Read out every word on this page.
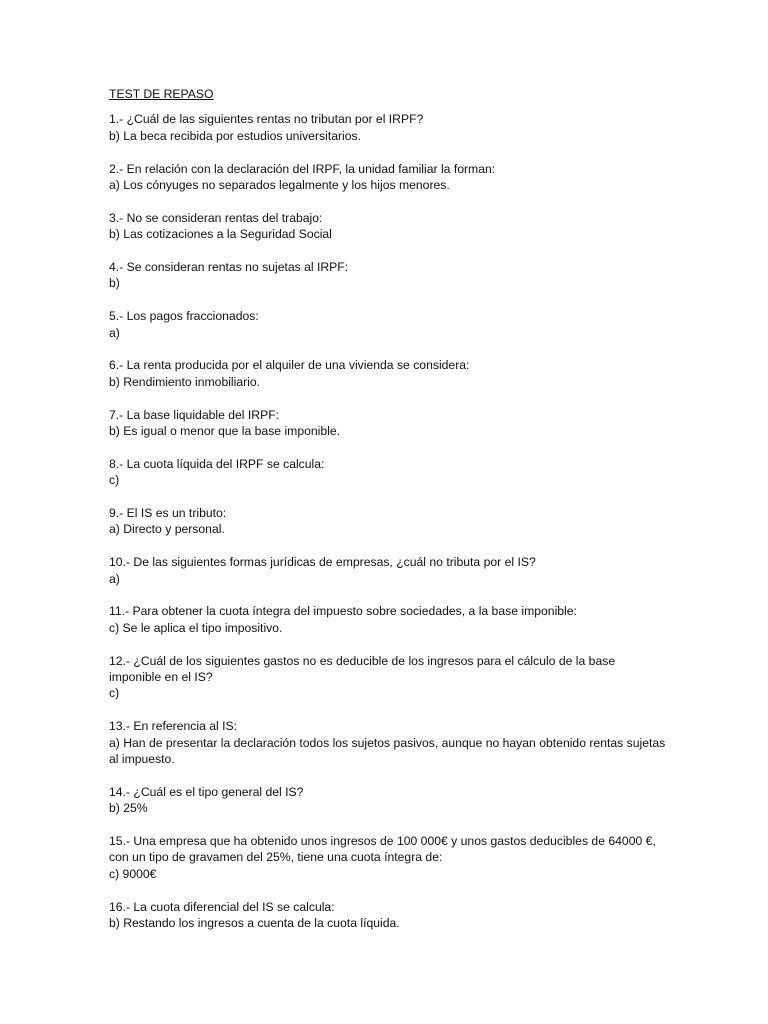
TEST DE REPASO
1.- ¿Cuál de las siguientes rentas no tributan por el IRPF?
b) La beca recibida por estudios universitarios.
2.- En relación con la declaración del IRPF, la unidad familiar la forman:
a) Los cónyuges no separados legalmente y los hijos menores.
3.- No se consideran rentas del trabajo:
b) Las cotizaciones a la Seguridad Social
4.- Se consideran rentas no sujetas al IRPF:
b)
5.- Los pagos fraccionados:
a)
6.- La renta producida por el alquiler de una vivienda se considera:
b) Rendimiento inmobiliario.
7.- La base liquidable del IRPF:
b) Es igual o menor que la base imponible.
8.- La cuota líquida del IRPF se calcula:
c)
9.- El IS es un tributo:
a) Directo y personal.
10.- De las siguientes formas jurídicas de empresas, ¿cuál no tributa por el IS?
a)
11.- Para obtener la cuota íntegra del impuesto sobre sociedades, a la base imponible:
c) Se le aplica el tipo impositivo.
12.- ¿Cuál de los siguientes gastos no es deducible de los ingresos para el cálculo de la base imponible en el IS?
c)
13.- En referencia al IS:
a) Han de presentar la declaración todos los sujetos pasivos, aunque no hayan obtenido rentas sujetas al impuesto.
14.- ¿Cuál es el tipo general del IS?
b) 25%
15.- Una empresa que ha obtenido unos ingresos de 100 000€ y unos gastos deducibles de 64000 €, con un tipo de gravamen del 25%, tiene una cuota íntegra de:
c) 9000€
16.- La cuota diferencial del IS se calcula:
b) Restando los ingresos a cuenta de la cuota líquida.
